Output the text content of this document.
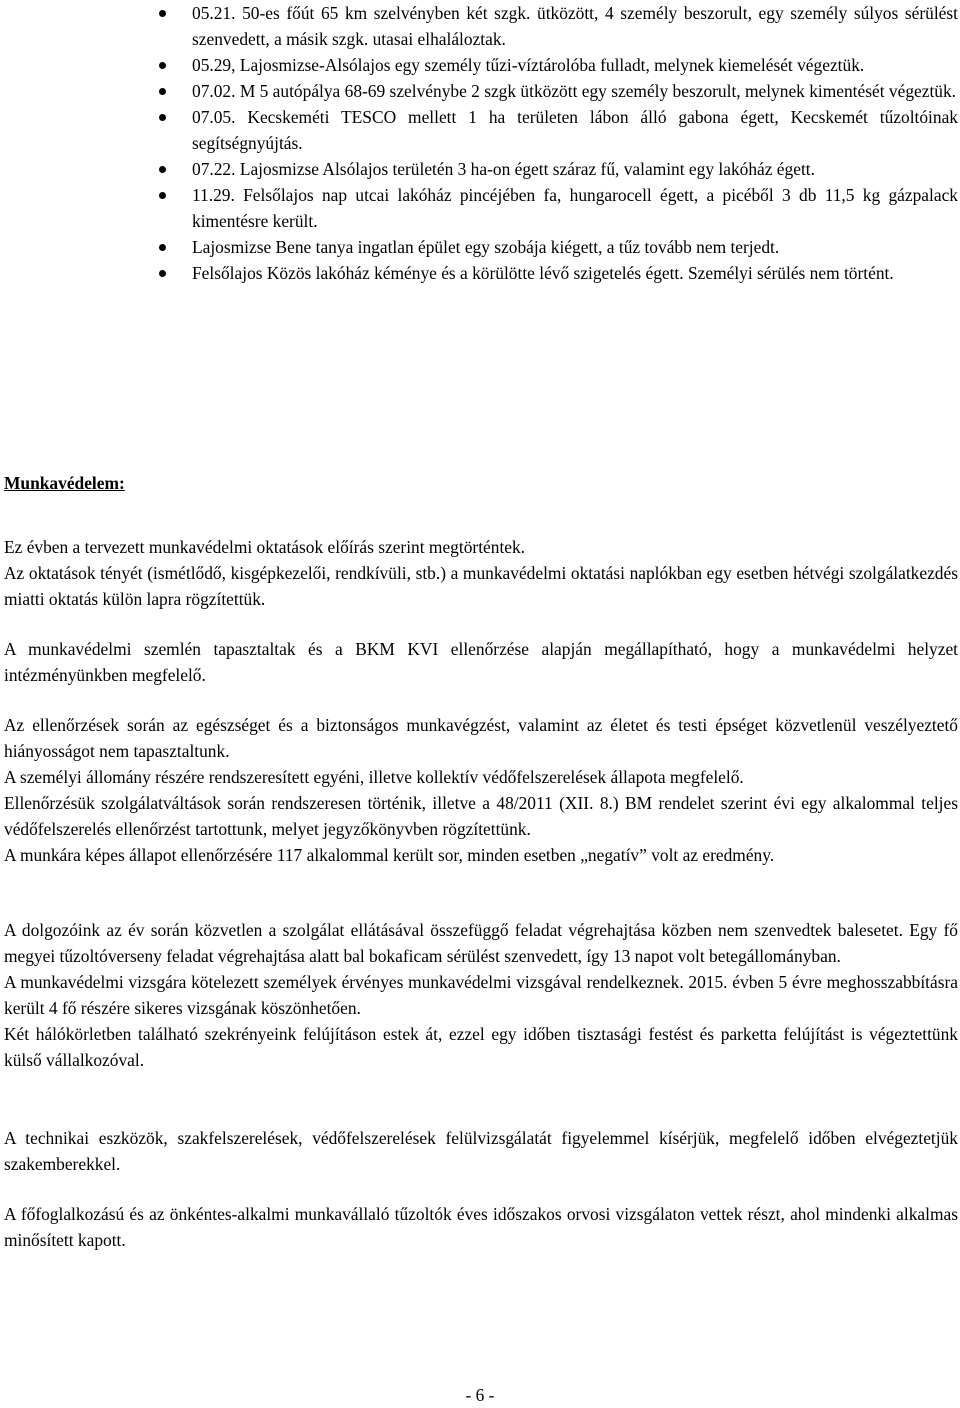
05.21. 50-es főút 65 km szelvényben két szgk. ütközött, 4 személy beszorult, egy személy súlyos sérülést szenvedett, a másik szgk. utasai elhaláloztak.
05.29, Lajosmizse-Alsólajos egy személy tűzi-víztárolóba fulladt, melynek kiemelését végeztük.
07.02. M 5 autópálya 68-69 szelvénybe 2 szgk ütközött egy személy beszorult, melynek kimentését végeztük.
07.05. Kecskeméti TESCO mellett 1 ha területen lábon álló gabona égett, Kecskemét tűzoltóinak segítségnyújtás.
07.22. Lajosmizse Alsólajos területén 3 ha-on égett száraz fű, valamint egy lakóház égett.
11.29. Felsőlajos nap utcai lakóház pincéjében fa, hungarocell égett, a picéből 3 db 11,5 kg gázpalack kimentésre került.
Lajosmizse Bene tanya ingatlan épület egy szobája kiégett, a tűz tovább nem terjedt.
Felsőlajos Közös lakóház kéménye és a körülötte lévő szigetelés égett. Személyi sérülés nem történt.
Munkavédelem:

Ez évben a tervezett munkavédelmi oktatások előírás szerint megtörténtek.

Az oktatások tényét (ismétlődő, kisgépkezelői, rendkívüli, stb.) a munkavédelmi oktatási naplókban egy esetben hétvégi szolgálatkezdés miatti oktatás külön lapra rögzítettük.

A munkavédelmi szemlén tapasztaltak és a BKM KVI ellenőrzése alapján megállapítható, hogy a munkavédelmi helyzet intézményünkben megfelelő.

Az ellenőrzések során az egészséget és a biztonságos munkavégzést, valamint az életet és testi épséget közvetlenül veszélyeztető hiányosságot nem tapasztaltunk.

A személyi állomány részére rendszeresített egyéni, illetve kollektív védőfelszerelések állapota megfelelő.

Ellenőrzésük szolgálatváltások során rendszeresen történik, illetve a 48/2011 (XII. 8.) BM rendelet szerint évi egy alkalommal teljes védőfelszerelés ellenőrzést tartottunk, melyet jegyzőkönyvben rögzítettünk.

A munkára képes állapot ellenőrzésére 117 alkalommal került sor, minden esetben „negatív” volt az eredmény.

A dolgozóink az év során közvetlen a szolgálat ellátásával összefüggő feladat végrehajtása közben nem szenvedtek balesetet. Egy fő megyei tűzoltóverseny feladat végrehajtása alatt bal bokaficam sérülést szenvedett, így 13 napot volt betegállományban.

A munkavédelmi vizsgára kötelezett személyek érvényes munkavédelmi vizsgával rendelkeznek. 2015. évben 5 évre meghosszabbításra került 4 fő részére sikeres vizsgának köszönhetően.

Két hálókörletben található szekrényeink felújításon estek át, ezzel egy időben tisztasági festést és parketta felújítást is végeztettünk külső vállalkozóval.

A technikai eszközök, szakfelszerelések, védőfelszerelések felülvizsgálatát figyelemmel kísérjük, megfelelő időben elvégeztetjük szakemberekkel.

A főfoglalkozású és az önkéntes-alkalmi munkavállaló tűzoltók éves időszakos orvosi vizsgálaton vettek részt, ahol mindenki alkalmas minősített kapott.

- 6 -
